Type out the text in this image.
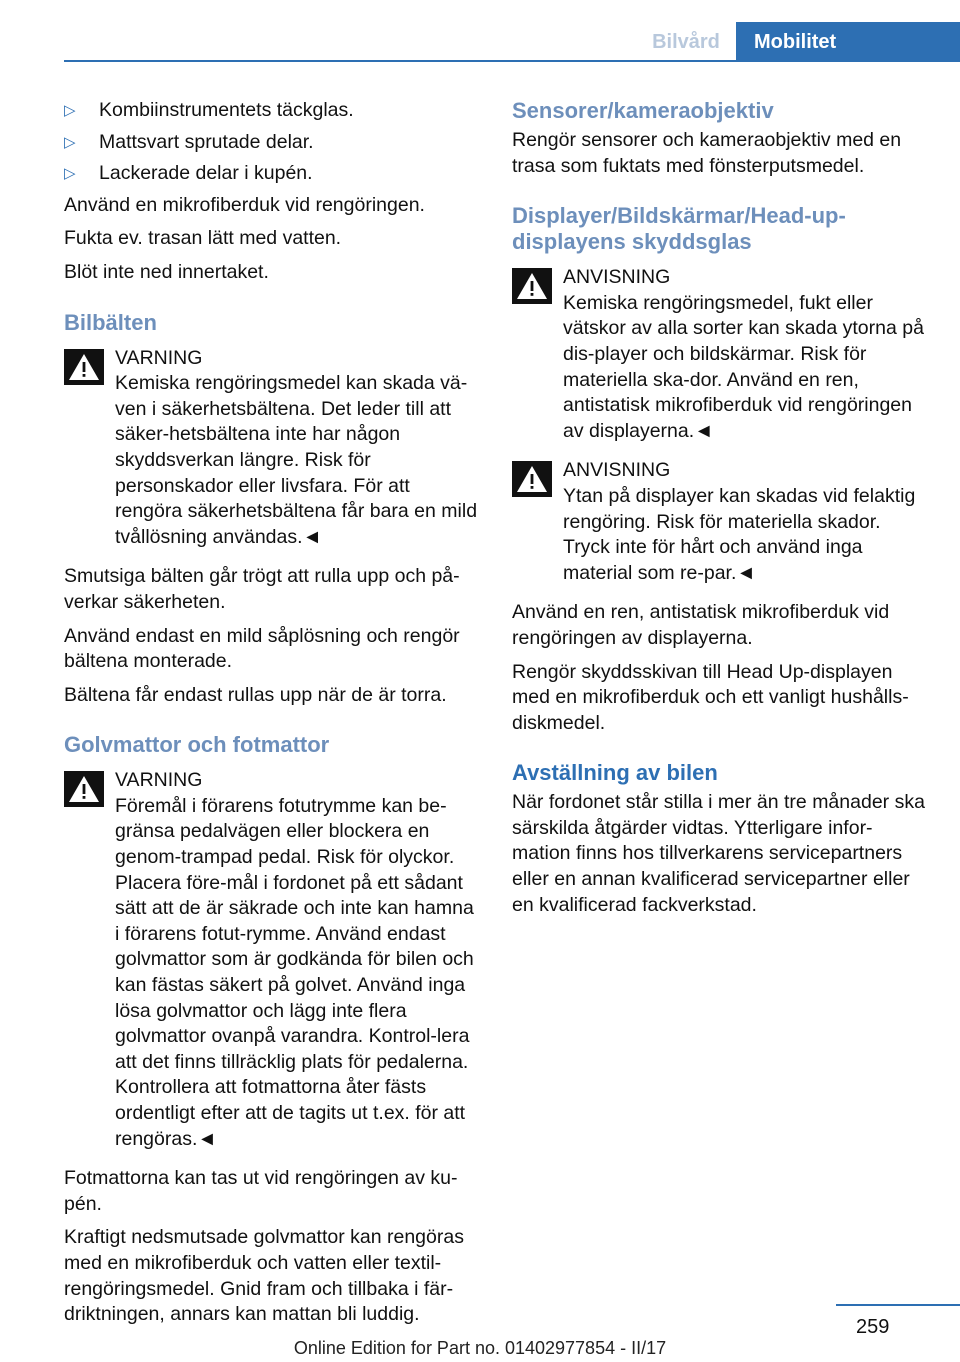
Bilvård	Mobilitet
▷ Kombiinstrumentets täckglas.
▷ Mattsvart sprutade delar.
▷ Lackerade delar i kupén.

Använd en mikrofiberduk vid rengöringen.

Fukta ev. trasan lätt med vatten.

Blöt inte ned innertaket.

Bilbälten
VARNING
Kemiska rengöringsmedel kan skada vä‐ven i säkerhetsbältena. Det leder till att säker‐hetsbältena inte har någon skyddsverkan längre. Risk för personskador eller livsfara. För att rengöra säkerhetsbältena får bara en mild tvållösning användas.◄

Smutsiga bälten går trögt att rulla upp och på‐verkar säkerheten.

Använd endast en mild såplösning och rengör bältena monterade.

Bältena får endast rullas upp när de är torra.

Golvmattor och fotmattor
VARNING
Föremål i förarens fotutrymme kan be‐gränsa pedalvägen eller blockera en genom‐trampad pedal. Risk för olyckor. Placera före‐mål i fordonet på ett sådant sätt att de är säkrade och inte kan hamna i förarens fotut‐rymme. Använd endast golvmattor som är godkända för bilen och kan fästas säkert på golvet. Använd inga lösa golvmattor och lägg inte flera golvmattor ovanpå varandra. Kontrol‐lera att det finns tillräcklig plats för pedalerna. Kontrollera att fotmattorna åter fästs ordentligt efter att de tagits ut t.ex. för att rengöras.◄

Fotmattorna kan tas ut vid rengöringen av ku‐pén.

Kraftigt nedsmutsade golvmattor kan rengöras med en mikrofiberduk och vatten eller textil‐rengöringsmedel. Gnid fram och tillbaka i fär‐driktningen, annars kan mattan bli luddig.

Sensorer/kameraobjektiv

Rengör sensorer och kameraobjektiv med en trasa som fuktats med fönsterputsmedel.

Displayer/Bildskärmar/Head-up-displayens skyddsglas
ANVISNING
Kemiska rengöringsmedel, fukt eller vätskor av alla sorter kan skada ytorna på dis‐player och bildskärmar. Risk för materiella ska‐dor. Använd en ren, antistatisk mikrofiberduk vid rengöringen av displayerna.◄
ANVISNING
Ytan på displayer kan skadas vid felaktig rengöring. Risk för materiella skador. Tryck inte för hårt och använd inga material som re‐par.◄

Använd en ren, antistatisk mikrofiberduk vid rengöringen av displayerna.

Rengör skyddsskivan till Head Up-displayen med en mikrofiberduk och ett vanligt hushålls‐diskmedel.

Avställning av bilen

När fordonet står stilla i mer än tre månader ska särskilda åtgärder vidtas. Ytterligare infor‐mation finns hos tillverkarens servicepartners eller en annan kvalificerad servicepartner eller en kvalificerad fackverkstad.

259
Online Edition for Part no. 01402977854 - II/17
